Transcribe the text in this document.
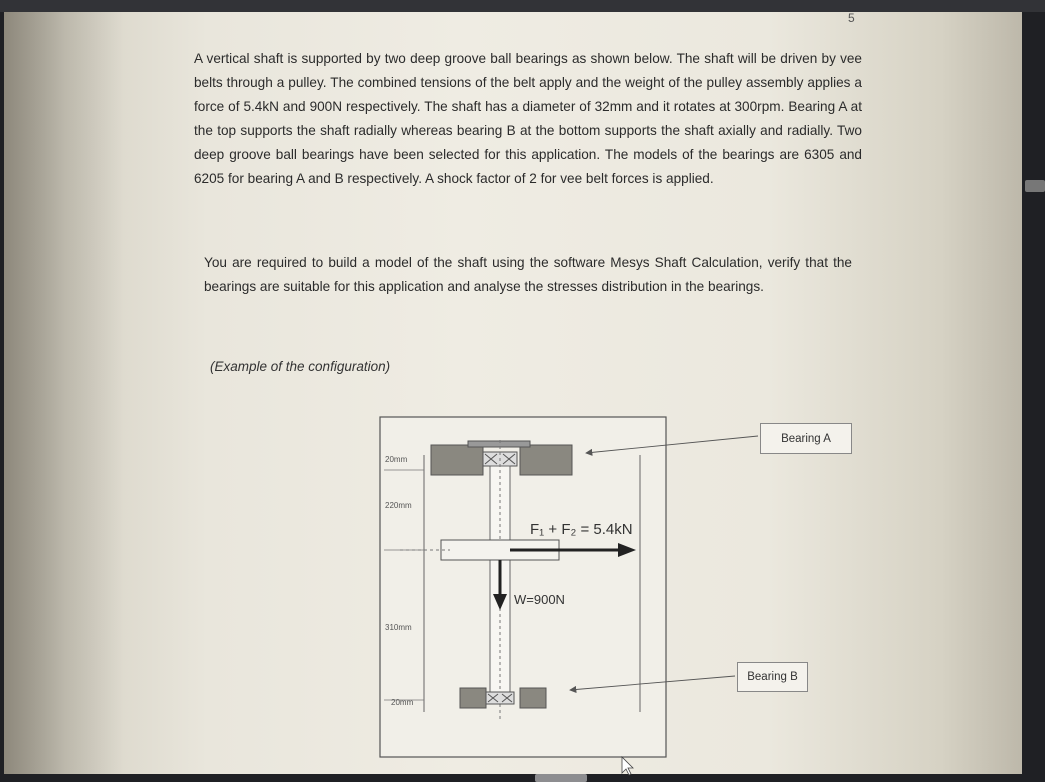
5

A vertical shaft is supported by two deep groove ball bearings as shown below. The shaft will be driven by vee belts through a pulley. The combined tensions of the belt apply and the weight of the pulley assembly applies a force of 5.4kN and 900N respectively. The shaft has a diameter of 32mm and it rotates at 300rpm. Bearing A at the top supports the shaft radially whereas bearing B at the bottom supports the shaft axially and radially. Two deep groove ball bearings have been selected for this application. The models of the bearings are 6305 and 6205 for bearing A and B respectively. A shock factor of 2 for vee belt forces is applied.

You are required to build a model of the shaft using the software Mesys Shaft Calculation, verify that the bearings are suitable for this application and analyse the stresses distribution in the bearings.

(Example of the configuration)
20mm
220mm
310mm
20mm
F₁ + F₂ = 5.4kN
W=900N
Bearing A
Bearing B
